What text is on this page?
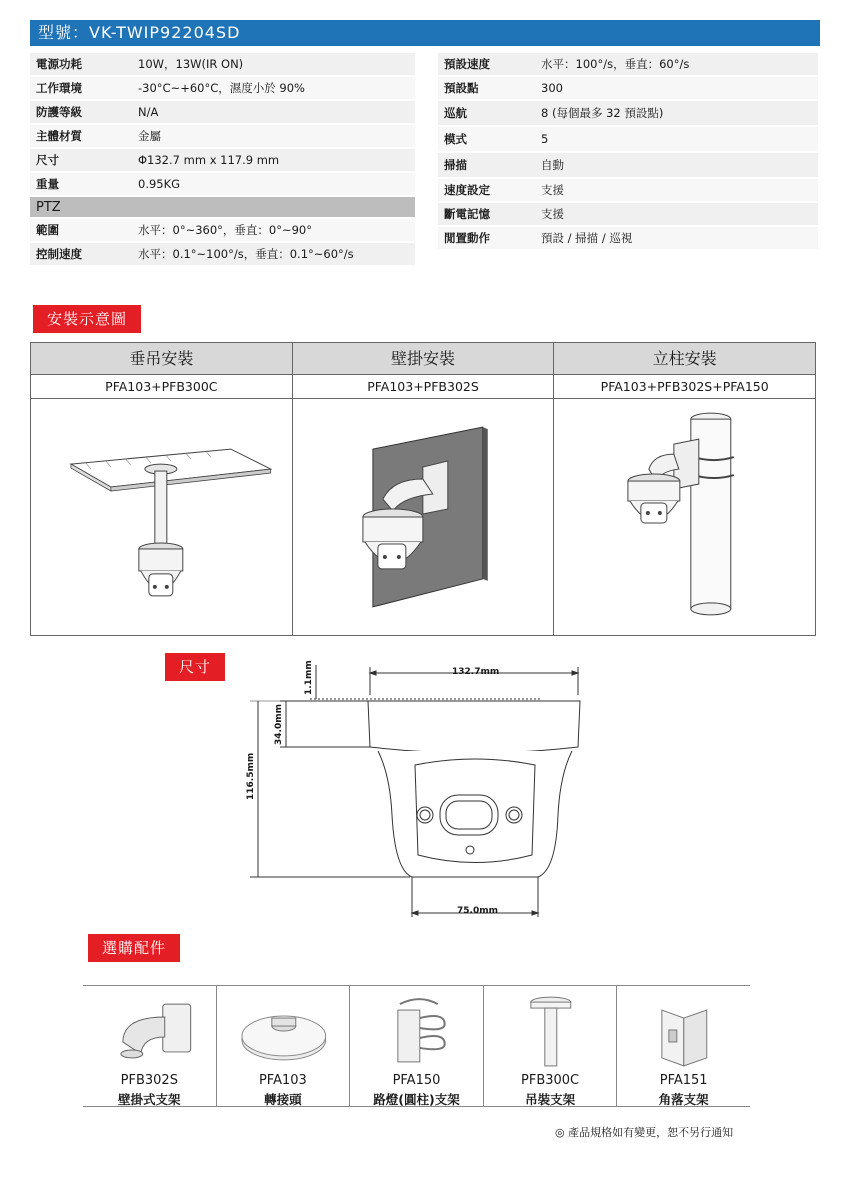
型號：VK-TWIP92204SD
電源功耗	10W，13W(IR ON)
工作環境	-30°C~+60°C，濕度小於 90%
防護等級	N/A
主體材質	金屬
尺寸	Φ132.7 mm x 117.9 mm
重量	0.95KG
PTZ
範圍	水平：0°~360°，垂直：0°~90°
控制速度	水平：0.1°~100°/s，垂直：0.1°~60°/s
預設速度	水平：100°/s，垂直：60°/s
預設點	300
巡航	8 (每個最多 32 預設點)
模式	5
掃描	自動
速度設定	支援
斷電記憶	支援
閒置動作	預設 / 掃描 / 巡視
安裝示意圖
垂吊安裝	壁掛安裝	立柱安裝
PFA103+PFB300C	PFA103+PFB302S	PFA103+PFB302S+PFA150
尺寸	132.7mm
75.0mm
116.5mm
34.0mm
1.1mm
選購配件
PFB302S
壁掛式支架
PFA103
轉接頭
PFA150
路燈(圓柱)支架
PFB300C
吊裝支架
PFA151
角落支架
◎ 產品規格如有變更，恕不另行通知
